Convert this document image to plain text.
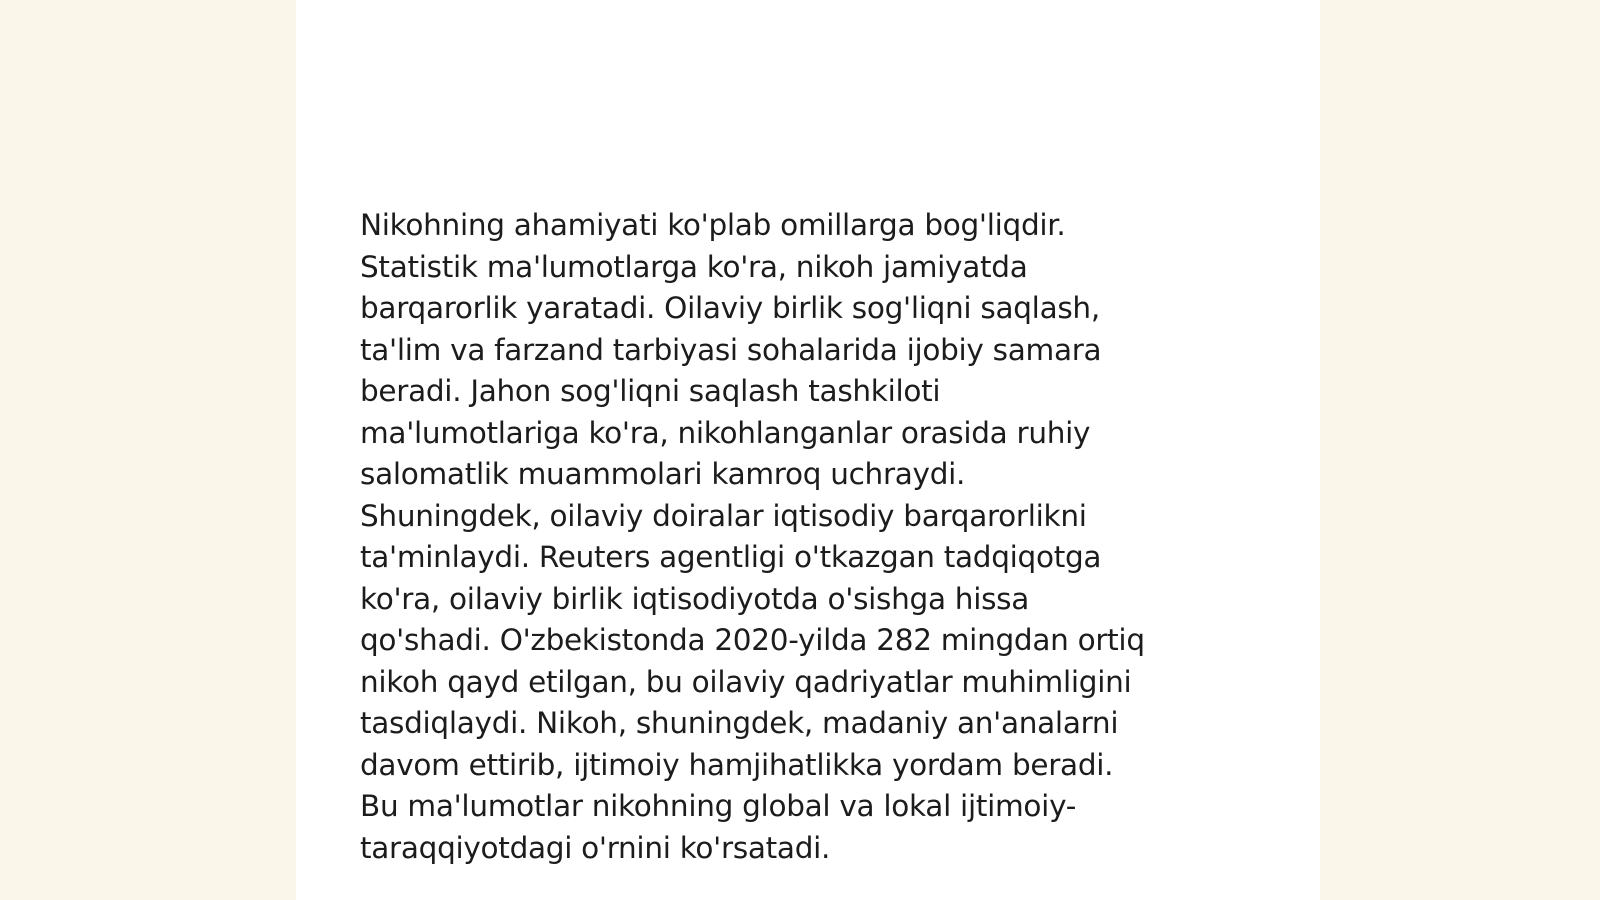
Nikohning ahamiyati ko'plab omillarga bog'liqdir.
Statistik ma'lumotlarga ko'ra, nikoh jamiyatda
barqarorlik yaratadi. Oilaviy birlik sog'liqni saqlash,
ta'lim va farzand tarbiyasi sohalarida ijobiy samara
beradi. Jahon sog'liqni saqlash tashkiloti
ma'lumotlariga ko'ra, nikohlanganlar orasida ruhiy
salomatlik muammolari kamroq uchraydi.
Shuningdek, oilaviy doiralar iqtisodiy barqarorlikni
ta'minlaydi. Reuters agentligi o'tkazgan tadqiqotga
ko'ra, oilaviy birlik iqtisodiyotda o'sishga hissa
qo'shadi. O'zbekistonda 2020-yilda 282 mingdan ortiq
nikoh qayd etilgan, bu oilaviy qadriyatlar muhimligini
tasdiqlaydi. Nikoh, shuningdek, madaniy an'analarni
davom ettirib, ijtimoiy hamjihatlikka yordam beradi.
Bu ma'lumotlar nikohning global va lokal ijtimoiy-
taraqqiyotdagi o'rnini ko'rsatadi.
